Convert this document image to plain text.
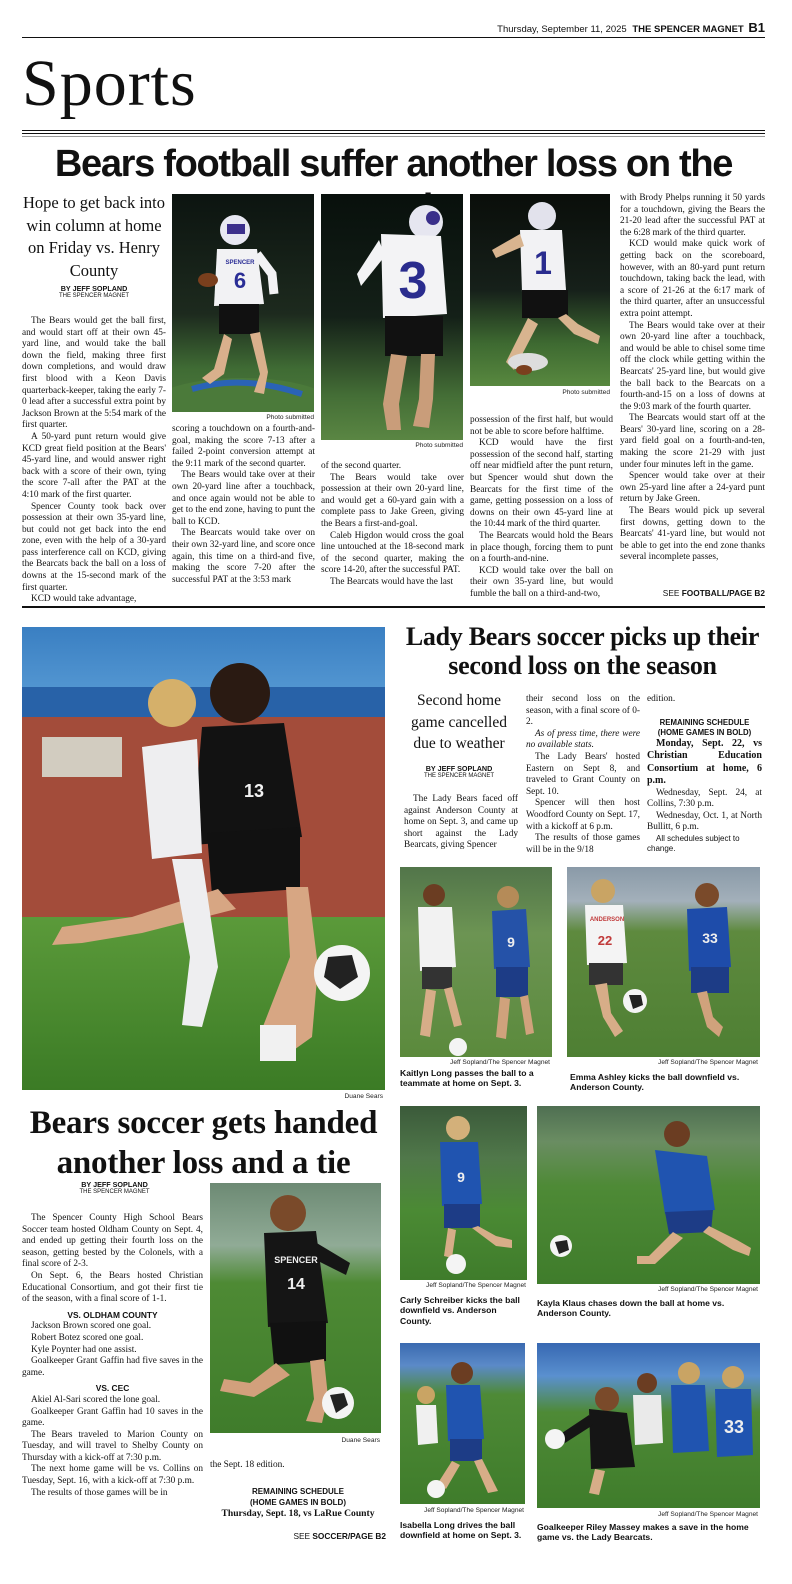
Thursday, September 11, 2025 THE SPENCER MAGNET B1
Sports
Bears football suffer another loss on the
Hope to get back into win column at home on Friday vs. Henry County
BY JEFF SOPLAND
THE SPENCER MAGNET

The Bears would get the ball first, and would start off at their own 45-yard line, and would take the ball down the field, making three first down completions, and would draw first blood with a Keon Davis quarterback-keeper, taking the early 7-0 lead after a successful extra point by Jackson Brown at the 5:54 mark of the first quarter.

A 50-yard punt return would give KCD great field position at the Bears' 45-yard line, and would answer right back with a score of their own, tying the score 7-all after the PAT at the 4:10 mark of the first quarter.

Spencer County took back over possession at their own 35-yard line, but could not get back into the end zone, even with the help of a 30-yard pass interference call on KCD, giving the Bearcats back the ball on a loss of downs at the 15-second mark of the first quarter.

KCD would take advantage,

6
SPENCER
Photo submitted

scoring a touchdown on a fourth-and-goal, making the score 7-13 after a failed 2-point conversion attempt at the 9:11 mark of the second quarter.

The Bears would take over at their own 20-yard line after a touchback, and once again would not be able to get to the end zone, having to punt the ball to KCD.

The Bearcats would take over on their own 32-yard line, and score once again, this time on a third-and five, making the score 7-20 after the successful PAT at the 3:53 mark

3
Photo submitted

of the second quarter.

The Bears would take over possession at their own 20-yard line, and would get a 60-yard gain with a complete pass to Jake Green, giving the Bears a first-and-goal.

Caleb Higdon would cross the goal line untouched at the 18-second mark of the second quarter, making the score 14-20, after the successful PAT.

The Bearcats would have the last

1
Photo submitted

possession of the first half, but would not be able to score before halftime.

KCD would have the first possession of the second half, starting off near midfield after the punt return, but Spencer would shut down the Bearcats for the first time of the game, getting possession on a loss of downs on their own 45-yard line at the 10:44 mark of the third quarter.

The Bearcats would hold the Bears in place though, forcing them to punt on a fourth-and-nine.

KCD would take over the ball on their own 35-yard line, but would fumble the ball on a third-and-two,

with Brody Phelps running it 50 yards for a touchdown, giving the Bears the 21-20 lead after the successful PAT at the 6:28 mark of the third quarter.

KCD would make quick work of getting back on the scoreboard, however, with an 80-yard punt return touchdown, taking back the lead, with a score of 21-26 at the 6:17 mark of the third quarter, after an unsuccessful extra point attempt.

The Bears would take over at their own 20-yard line after a touchback, and would be able to chisel some time off the clock while getting within the Bearcats' 25-yard line, but would give the ball back to the Bearcats on a fourth-and-15 on a loss of downs at the 9:03 mark of the fourth quarter.

The Bearcats would start off at the Bears' 30-yard line, scoring on a 28-yard field goal on a fourth-and-ten, making the score 21-29 with just under four minutes left in the game.

Spencer would take over at their own 25-yard line after a 24-yard punt return by Jake Green.

The Bears would pick up several first downs, getting down to the Bearcats' 41-yard line, but would not be able to get into the end zone thanks several incomplete passes,

SEE FOOTBALL/PAGE B2
13
Duane Sears
Bears soccer gets handed another loss and a tie
BY JEFF SOPLAND
THE SPENCER MAGNET

The Spencer County High School Bears Soccer team hosted Oldham County on Sept. 4, and ended up getting their fourth loss on the season, getting bested by the Colonels, with a final score of 2-3.

On Sept. 6, the Bears hosted Christian Educational Consortium, and got their first tie of the season, with a final score of 1-1.

VS. OLDHAM COUNTY

Jackson Brown scored one goal.

Robert Botez scored one goal.

Kyle Poynter had one assist.

Goalkeeper Grant Gaffin had five saves in the game.

VS. CEC

Akiel Al-Sari scored the lone goal.

Goalkeeper Grant Gaffin had 10 saves in the game.

The Bears traveled to Marion County on Tuesday, and will travel to Shelby County on Thursday with a kick-off at 7:30 p.m.

The next home game will be vs. Collins on Tuesday, Sept. 16, with a kick-off at 7:30 p.m.

The results of those games will be in

14
SPENCER
Duane Sears

the Sept. 18 edition.

REMAINING SCHEDULE
(HOME GAMES IN BOLD)
Thursday, Sept. 18, vs LaRue County
SEE SOCCER/PAGE B2
Lady Bears soccer picks up their second loss on the season
Second home game cancelled due to weather
BY JEFF SOPLAND
THE SPENCER MAGNET

The Lady Bears faced off against Anderson County at home on Sept. 3, and came up short against the Lady Bearcats, giving Spencer

their second loss on the season, with a final score of 0-2.

As of press time, there were no available stats.

The Lady Bears' hosted Eastern on Sept 8, and traveled to Grant County on Sept. 10.

Spencer will then host Woodford County on Sept. 17, with a kickoff at 6 p.m.

The results of those games will be in the 9/18

edition.

REMAINING SCHEDULE
(HOME GAMES IN BOLD)

Monday, Sept. 22, vs Christian Education Consortium at home, 6 p.m.

Wednesday, Sept. 24, at Collins, 7:30 p.m.

Wednesday, Oct. 1, at North Bullitt, 6 p.m.

All schedules subject to change.

9
Jeff Sopland/The Spencer Magnet
Kaitlyn Long passes the ball to a teammate at home on Sept. 3.
22
ANDERSON
33
Jeff Sopland/The Spencer Magnet
Emma Ashley kicks the ball downfield vs. Anderson County.
9
Jeff Sopland/The Spencer Magnet
Carly Schreiber kicks the ball downfield vs. Anderson County.
Jeff Sopland/The Spencer Magnet
Kayla Klaus chases down the ball at home vs. Anderson County.
Jeff Sopland/The Spencer Magnet
Isabella Long drives the ball downfield at home on Sept. 3.
33
Jeff Sopland/The Spencer Magnet
Goalkeeper Riley Massey makes a save in the home game vs. the Lady Bearcats.
